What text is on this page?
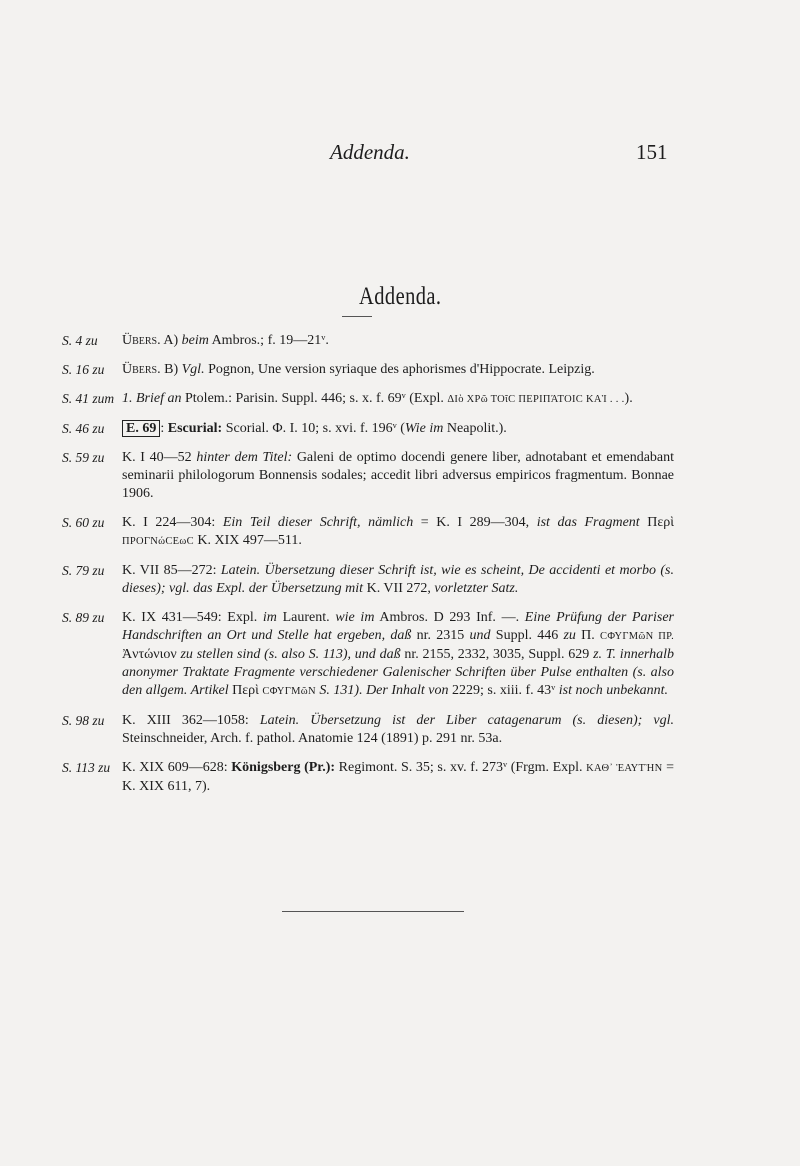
Addenda.	151
Addenda.
S. 4 zu Übers. A) beim Ambros.; f. 19—21ᵛ.
S. 16 zu Übers. B) Vgl. Pognon, Une version syriaque des aphorismes d'Hippocrate. Leipzig.
S. 41 zum 1. Brief an Ptolem.: Parisin. Suppl. 446; s. x. f. 69ᵛ (Expl. ΔΙὸ ΧΡῶ ΤΟῖC ΠΕΡΙΠΆΤΟΙC ΚΑῚ . . .).
S. 46 zu E. 69 : Escurial: Scorial. Φ. I. 10; s. xvi. f. 196ᵛ (Wie im Neapolit.).
S. 59 zu K. I 40—52 hinter dem Titel: Galeni de optimo docendi genere liber, adnotabant et emendabant seminarii philologorum Bonnensis sodales; accedit libri adversus empiricos fragmentum. Bonnae 1906.
S. 60 zu K. I 224—304: Ein Teil dieser Schrift, nämlich = K. I 289—304, ist das Fragment Περὶ ΠΡΟΓΝώCΕωC K. XIX 497—511.
S. 79 zu K. VII 85—272: Latein. Übersetzung dieser Schrift ist, wie es scheint, De accidenti et morbo (s. dieses); vgl. das Expl. der Übersetzung mit K. VII 272, vorletzter Satz.
S. 89 zu K. IX 431—549: Expl. im Laurent. wie im Ambros. D 293 Inf. —. Eine Prüfung der Pariser Handschriften an Ort und Stelle hat ergeben, daß nr. 2315 und Suppl. 446 zu Π. CΦΥΓΜῶΝ ΠΡ. Ἀντώνιον zu stellen sind (s. also S. 113), und daß nr. 2155, 2332, 3035, Suppl. 629 z. T. innerhalb anonymer Traktate Fragmente verschiedener Galenischer Schriften über Pulse enthalten (s. also den allgem. Artikel Περὶ CΦΥΓΜῶΝ S. 131). Der Inhalt von 2229; s. xiii. f. 43ᵛ ist noch unbekannt.
S. 98 zu K. XIII 362—1058: Latein. Übersetzung ist der Liber catagenarum (s. diesen); vgl. Steinschneider, Arch. f. pathol. Anatomie 124 (1891) p. 291 nr. 53a.
S. 113 zu K. XIX 609—628: Königsberg (Pr.): Regimont. S. 35; s. xv. f. 273ᵛ (Frgm. Expl. ΚΑΘ᾽ ἙΑΥΤῊΝ = K. XIX 611, 7).
